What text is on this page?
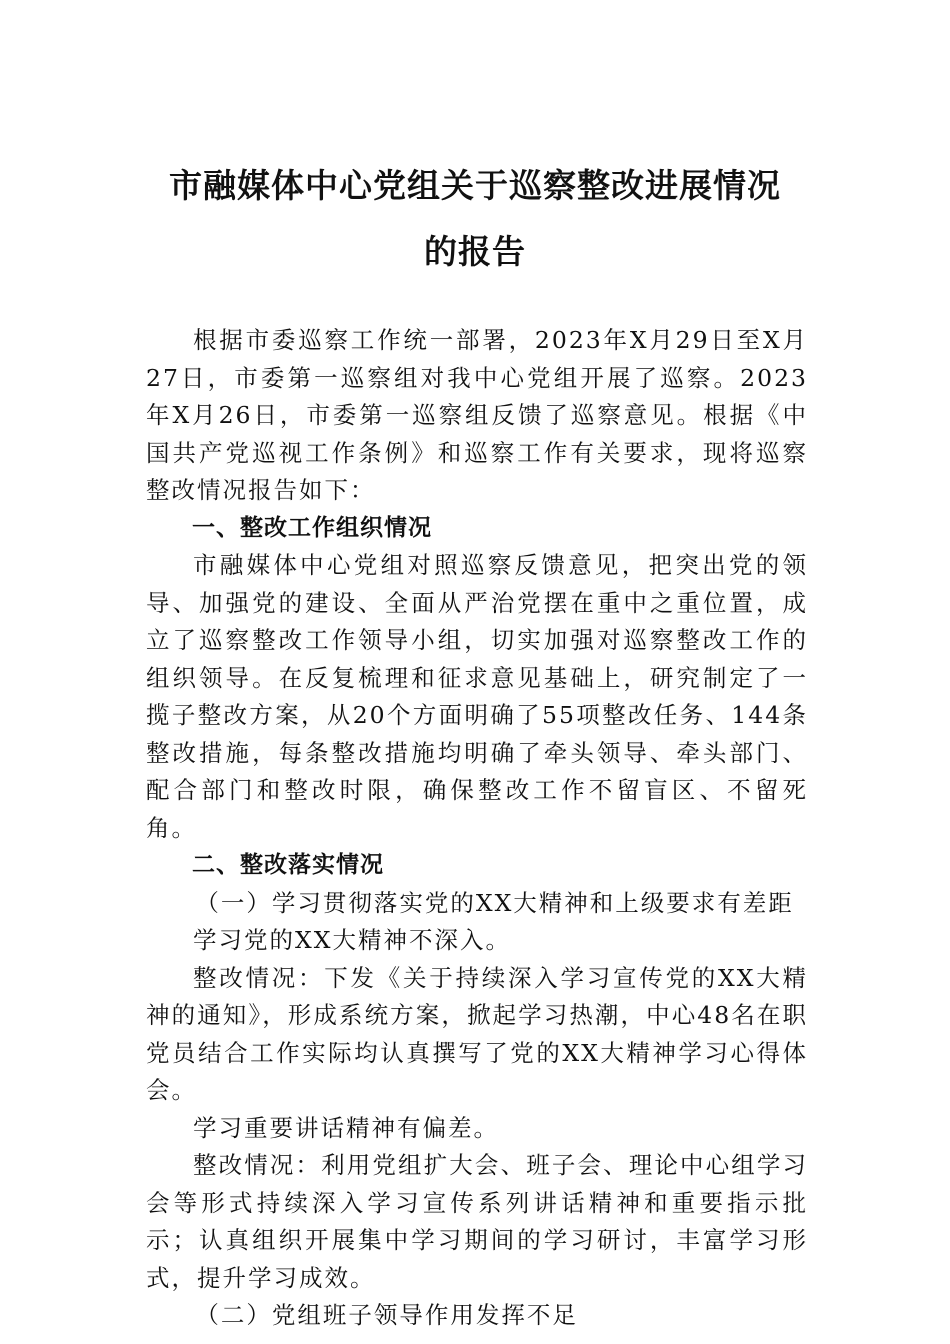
市融媒体中心党组关于巡察整改进展情况
的报告

根据市委巡察工作统一部署，2023年X月29日至X月27日，市委第一巡察组对我中心党组开展了巡察。2023年X月26日，市委第一巡察组反馈了巡察意见。根据《中国共产党巡视工作条例》和巡察工作有关要求，现将巡察整改情况报告如下：

一、整改工作组织情况

市融媒体中心党组对照巡察反馈意见，把突出党的领导、加强党的建设、全面从严治党摆在重中之重位置，成立了巡察整改工作领导小组，切实加强对巡察整改工作的组织领导。在反复梳理和征求意见基础上，研究制定了一揽子整改方案，从20个方面明确了55项整改任务、144条整改措施，每条整改措施均明确了牵头领导、牵头部门、配合部门和整改时限，确保整改工作不留盲区、不留死角。

二、整改落实情况

（一）学习贯彻落实党的XX大精神和上级要求有差距

学习党的XX大精神不深入。

整改情况：下发《关于持续深入学习宣传党的XX大精神的通知》，形成系统方案，掀起学习热潮，中心48名在职党员结合工作实际均认真撰写了党的XX大精神学习心得体会。

学习重要讲话精神有偏差。

整改情况：利用党组扩大会、班子会、理论中心组学习会等形式持续深入学习宣传系列讲话精神和重要指示批示；认真组织开展集中学习期间的学习研讨，丰富学习形式，提升学习成效。

（二）党组班子领导作用发挥不足
